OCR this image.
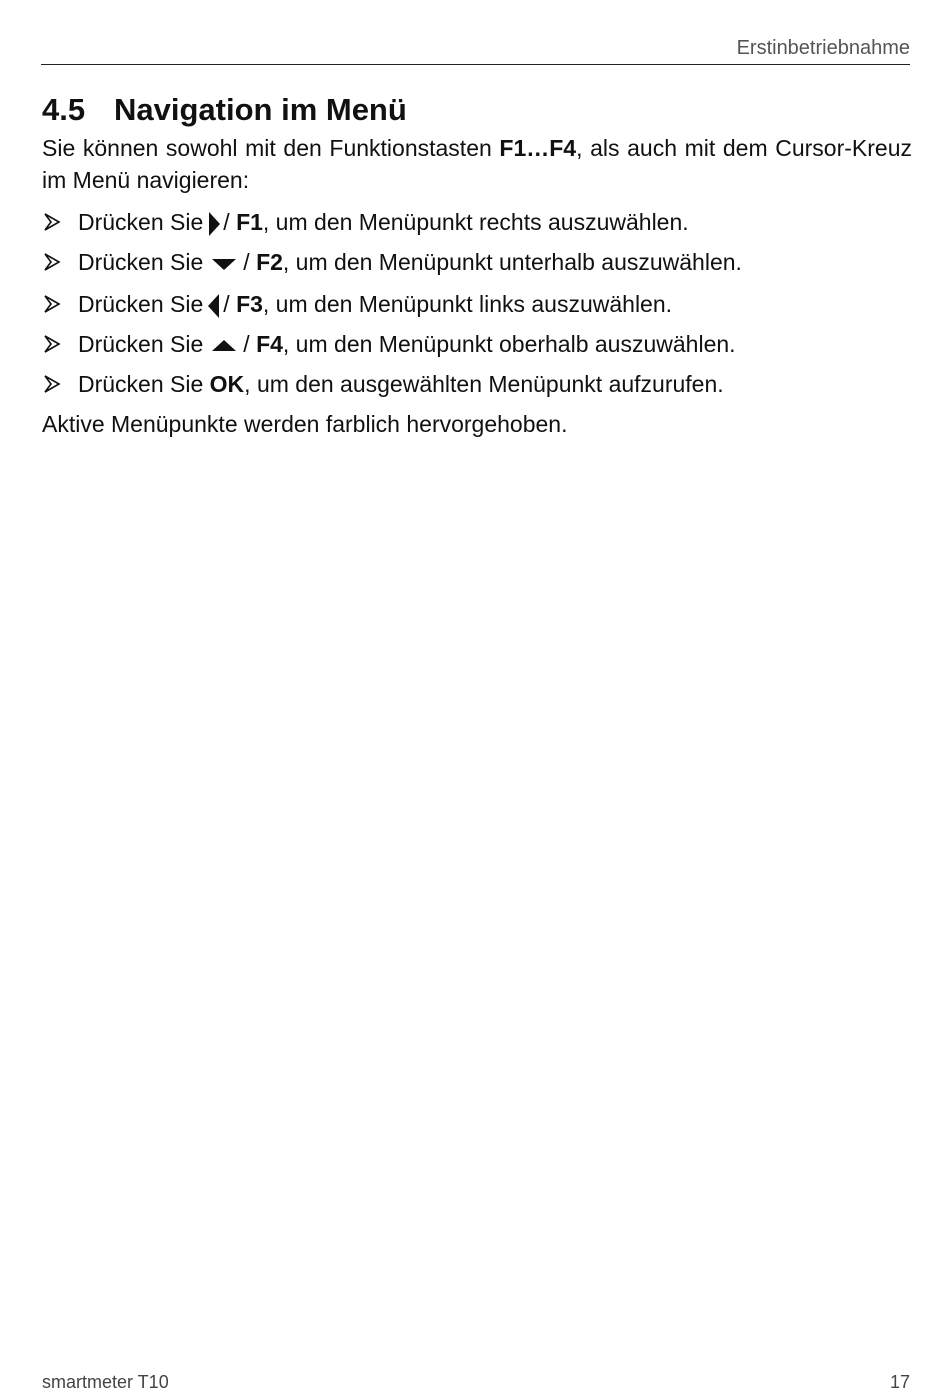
Erstinbetriebnahme
4.5 Navigation im Menü

Sie können sowohl mit den Funktionstasten F1…F4, als auch mit dem Cursor-Kreuz im Menü navigieren:

Drücken Sie / F1, um den Menüpunkt rechts auszuwählen.
Drücken Sie / F2, um den Menüpunkt unterhalb auszuwählen.
Drücken Sie / F3, um den Menüpunkt links auszuwählen.
Drücken Sie / F4, um den Menüpunkt oberhalb auszuwählen.
Drücken Sie OK, um den ausgewählten Menüpunkt aufzurufen.

Aktive Menüpunkte werden farblich hervorgehoben.

smartmeter T10	17
